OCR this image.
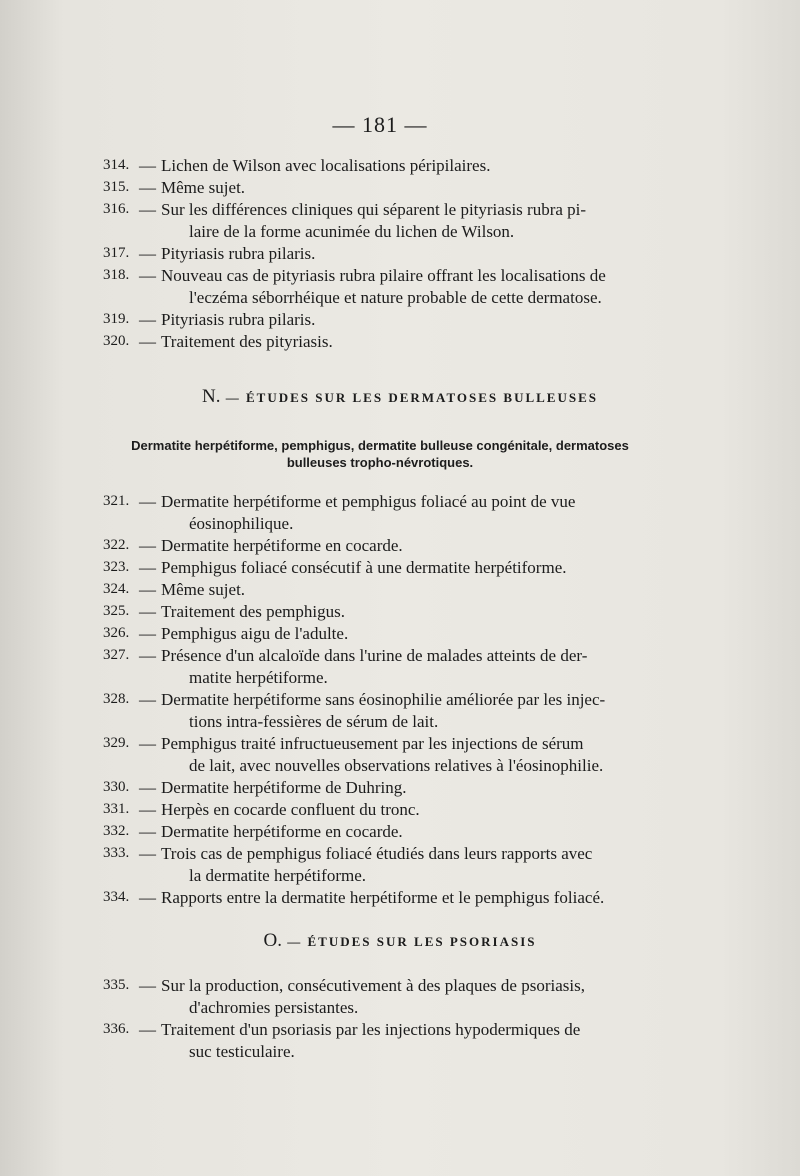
— 181 —
314. — Lichen de Wilson avec localisations péripilaires.
315. — Même sujet.
316. — Sur les différences cliniques qui séparent le pityriasis rubra pi-
laire de la forme acunimée du lichen de Wilson.
317. — Pityriasis rubra pilaris.
318. — Nouveau cas de pityriasis rubra pilaire offrant les localisations de
l'eczéma séborrhéique et nature probable de cette dermatose.
319. — Pityriasis rubra pilaris.
320. — Traitement des pityriasis.
N. — ÉTUDES SUR LES DERMATOSES BULLEUSES
Dermatite herpétiforme, pemphigus, dermatite bulleuse congénitale, dermatoses
bulleuses tropho-névrotiques.
321. — Dermatite herpétiforme et pemphigus foliacé au point de vue
éosinophilique.
322. — Dermatite herpétiforme en cocarde.
323. — Pemphigus foliacé consécutif à une dermatite herpétiforme.
324. — Même sujet.
325. — Traitement des pemphigus.
326. — Pemphigus aigu de l'adulte.
327. — Présence d'un alcaloïde dans l'urine de malades atteints de der-
matite herpétiforme.
328. — Dermatite herpétiforme sans éosinophilie améliorée par les injec-
tions intra-fessières de sérum de lait.
329. — Pemphigus traité infructueusement par les injections de sérum
de lait, avec nouvelles observations relatives à l'éosinophilie.
330. — Dermatite herpétiforme de Duhring.
331. — Herpès en cocarde confluent du tronc.
332. — Dermatite herpétiforme en cocarde.
333. — Trois cas de pemphigus foliacé étudiés dans leurs rapports avec
la dermatite herpétiforme.
334. — Rapports entre la dermatite herpétiforme et le pemphigus foliacé.
O. — ÉTUDES SUR LES PSORIASIS
335. — Sur la production, consécutivement à des plaques de psoriasis,
d'achromies persistantes.
336. — Traitement d'un psoriasis par les injections hypodermiques de
suc testiculaire.
